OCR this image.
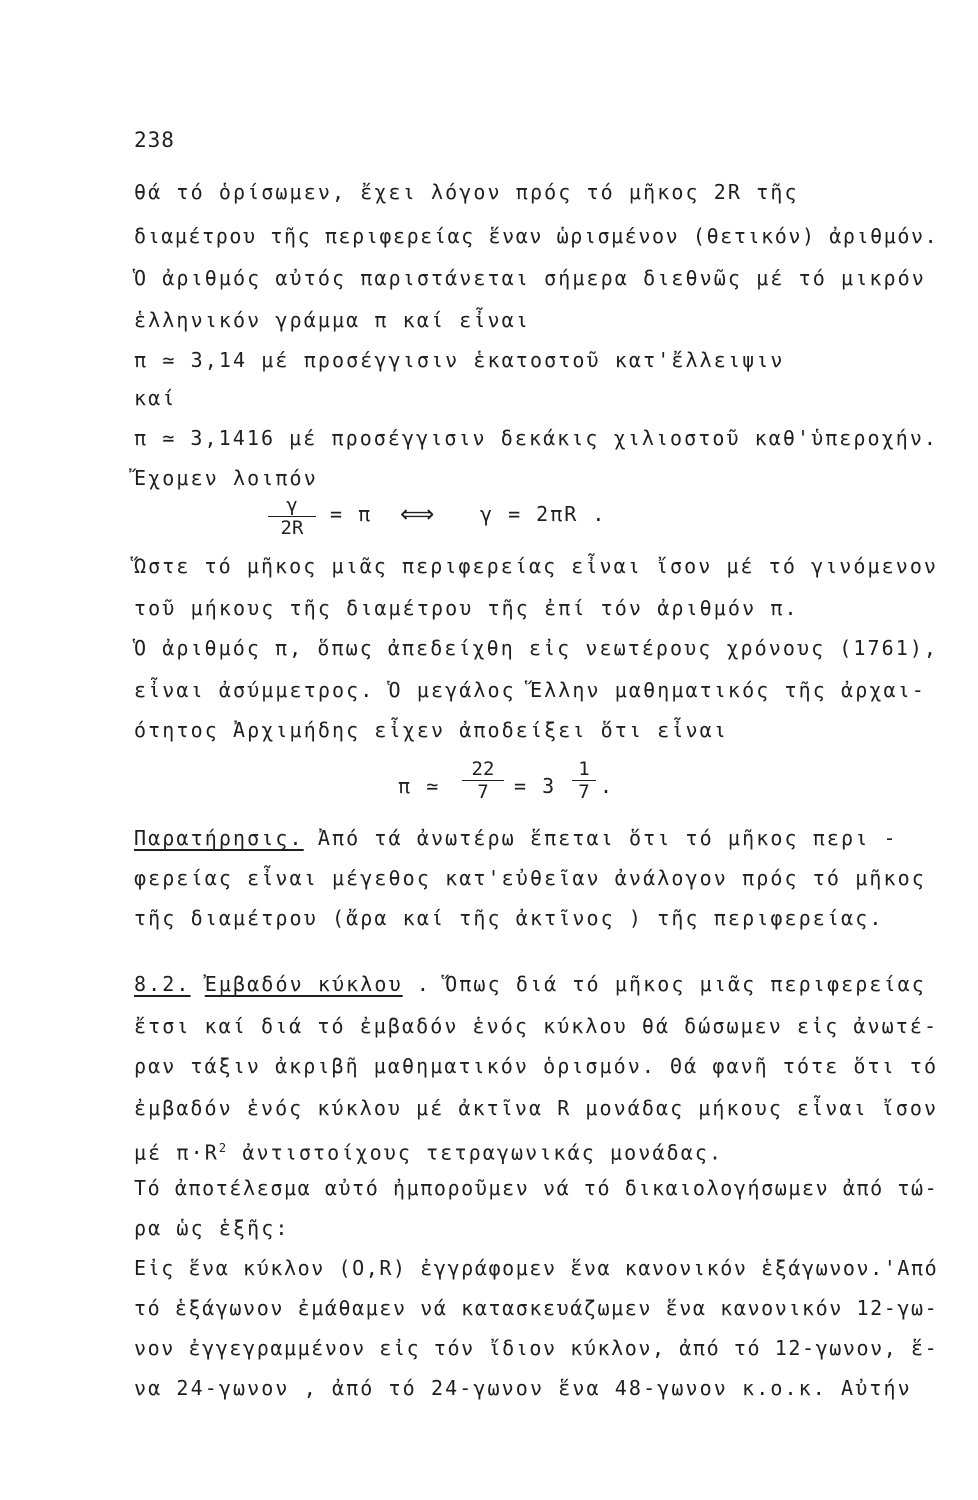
238
θά τό ὁρίσωμεν, ἔχει λόγον πρός τό μῆκος 2R τῆς
διαμέτρου τῆς περιφερείας ἕναν ὡρισμένον (θετικόν) ἀριθμόν.
Ὁ ἀριθμός αὐτός παριστάνεται σήμερα διεθνῶς μέ τό μικρόν
ἑλληνικόν γράμμα π καί εἶναι
π ≃ 3,14 μέ προσέγγισιν ἑκατοστοῦ κατ'ἔλλειψιν
καί
π ≃ 3,1416 μέ προσέγγισιν δεκάκις χιλιοστοῦ καθ'ὑπεροχήν.
Ἔχομεν λοιπόν
$\frac{\gamma}{2R} = \pi$ ⟺ γ = 2πR .
Ὥστε τό μῆκος μιᾶς περιφερείας εἶναι ἴσον μέ τό γινόμενον
τοῦ μήκους τῆς διαμέτρου τῆς ἐπί τόν ἀριθμόν π.
Ὁ ἀριθμός π, ὅπως ἀπεδείχθη εἰς νεωτέρους χρόνους (1761),
εἶναι ἀσύμμετρος. Ὁ μεγάλος Ἕλλην μαθηματικός τῆς ἀρχαι-
ότητος Ἀρχιμήδης εἶχεν ἀποδείξει ὅτι εἶναι
π ≃ $\frac{22}{7} = 3 \frac{1}{7}$ .
Παρατήρησις. Ἀπό τά ἀνωτέρω ἕπεται ὅτι τό μῆκος περι -
φερείας εἶναι μέγεθος κατ'εὐθεῖαν ἀνάλογον πρός τό μῆκος
τῆς διαμέτρου (ἄρα καί τῆς ἀκτῖνος ) τῆς περιφερείας.
8.2. Ἐμβαδόν κύκλου . Ὅπως διά τό μῆκος μιᾶς περιφερείας
ἔτσι καί διά τό ἐμβαδόν ἑνός κύκλου θά δώσωμεν εἰς ἀνωτέ-
ραν τάξιν ἀκριβῆ μαθηματικόν ὁρισμόν. Θά φανῆ τότε ὅτι τό
ἐμβαδόν ἑνός κύκλου μέ ἀκτῖνα R μονάδας μήκους εἶναι ἴσον
μέ $\pi\cdot R^2$ ἀντιστοίχους τετραγωνικάς μονάδας.
Τό ἀποτέλεσμα αὐτό ἠμποροῦμεν νά τό δικαιολογήσωμεν ἀπό τώ-
ρα ὡς ἑξῆς:
Εἰς ἕνα κύκλον (O,R) ἐγγράφομεν ἕνα κανονικόν ἑξάγωνον.'Από
τό ἑξάγωνον ἐμάθαμεν νά κατασκευάζωμεν ἕνα κανονικόν 12-γω-
νον ἐγγεγραμμένον εἰς τόν ἴδιον κύκλον, ἀπό τό 12-γωνον, ἕ-
να 24-γωνον , ἀπό τό 24-γωνον ἕνα 48-γωνον κ.ο.κ. Αὐτήν
